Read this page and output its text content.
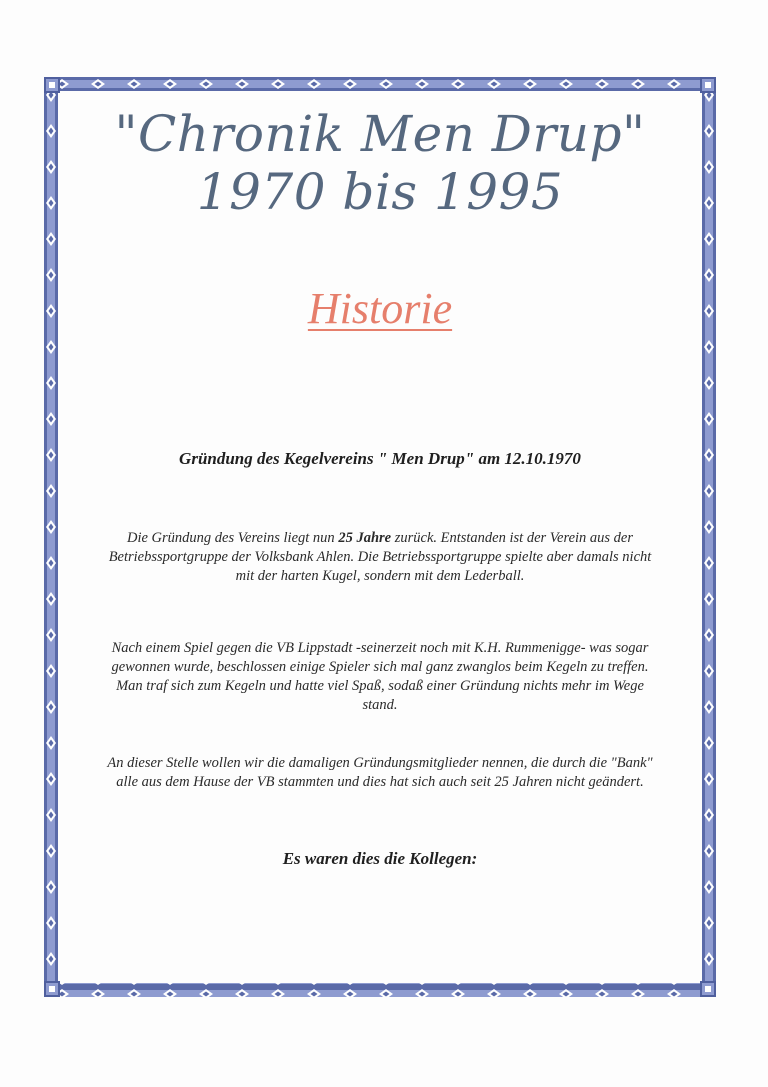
"Chronik Men Drup"
1970 bis 1995
Historie
Gründung des Kegelvereins " Men Drup" am 12.10.1970

Die Gründung des Vereins liegt nun 25 Jahre zurück. Entstanden ist der Verein aus der Betriebssportgruppe der Volksbank Ahlen. Die Betriebssportgruppe spielte aber damals nicht mit der harten Kugel, sondern mit dem Lederball.

Nach einem Spiel gegen die VB Lippstadt -seinerzeit noch mit K.H. Rummenigge- was sogar gewonnen wurde, beschlossen einige Spieler sich mal ganz zwanglos beim Kegeln zu treffen. Man traf sich zum Kegeln und hatte viel Spaß, sodaß einer Gründung nichts mehr im Wege stand.

An dieser Stelle wollen wir die damaligen Gründungsmitglieder nennen, die durch die "Bank" alle aus dem Hause der VB stammten und dies hat sich auch seit 25 Jahren nicht geändert.

Es waren dies die Kollegen:
